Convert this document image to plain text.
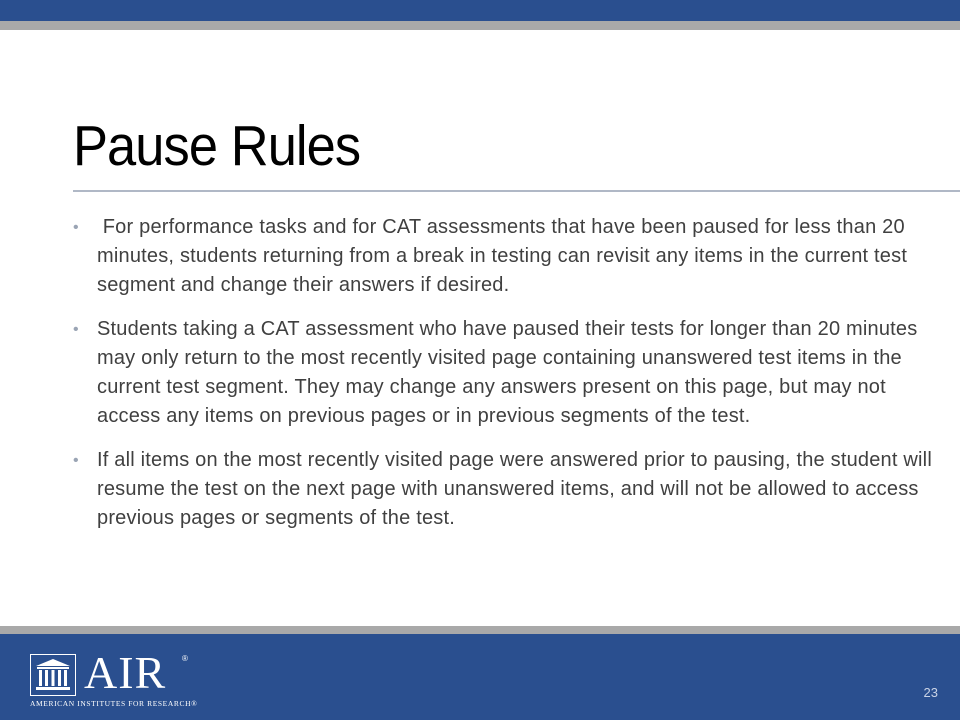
Pause Rules
• For performance tasks and for CAT assessments that have been paused for less than 20 minutes, students returning from a break in testing can revisit any items in the current test segment and change their answers if desired.
• Students taking a CAT assessment who have paused their tests for longer than 20 minutes may only return to the most recently visited page containing unanswered test items in the current test segment. They may change any answers present on this page, but may not access any items on previous pages or in previous segments of the test.
• If all items on the most recently visited page were answered prior to pausing, the student will resume the test on the next page with unanswered items, and will not be allowed to access previous pages or segments of the test.
AIR ®
AMERICAN INSTITUTES FOR RESEARCH®
23
